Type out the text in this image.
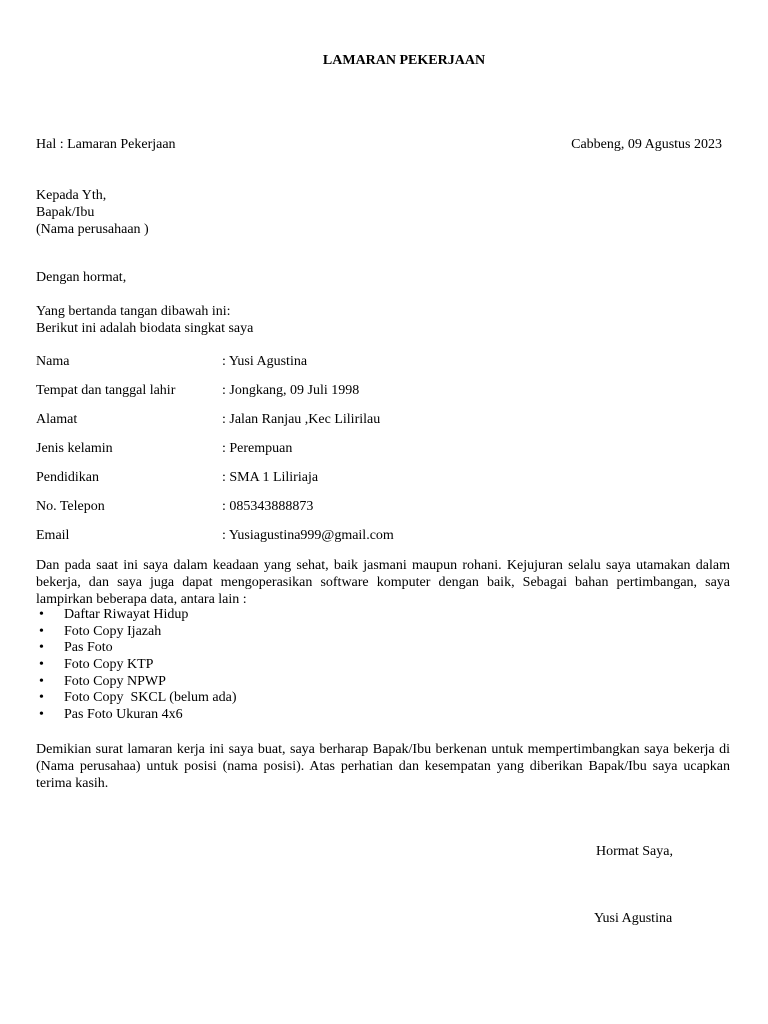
LAMARAN PEKERJAAN
Hal : Lamaran Pekerjaan	Cabbeng, 09 Agustus 2023
Kepada Yth,
Bapak/Ibu
(Nama perusahaan )
Dengan hormat,
Yang bertanda tangan dibawah ini:
Berikut ini adalah biodata singkat saya
Nama	: Yusi Agustina
Tempat dan tanggal lahir	: Jongkang, 09 Juli 1998
Alamat	: Jalan Ranjau ,Kec Lilirilau
Jenis kelamin	: Perempuan
Pendidikan	: SMA 1 Liliriaja
No. Telepon	: 085343888873
Email	: Yusiagustina999@gmail.com
Dan pada saat ini saya dalam keadaan yang sehat, baik jasmani maupun rohani. Kejujuran selalu saya utamakan dalam bekerja, dan saya juga dapat mengoperasikan software komputer dengan baik, Sebagai bahan pertimbangan, saya lampirkan beberapa data, antara lain :
• Daftar Riwayat Hidup
• Foto Copy Ijazah
• Pas Foto
• Foto Copy KTP
• Foto Copy NPWP
• Foto Copy  SKCL (belum ada)
• Pas Foto Ukuran 4x6
Demikian surat lamaran kerja ini saya buat, saya berharap Bapak/Ibu berkenan untuk mempertimbangkan saya bekerja di (Nama perusahaa) untuk posisi (nama posisi). Atas perhatian dan kesempatan yang diberikan Bapak/Ibu saya ucapkan terima kasih.
Hormat Saya,
Yusi Agustina
